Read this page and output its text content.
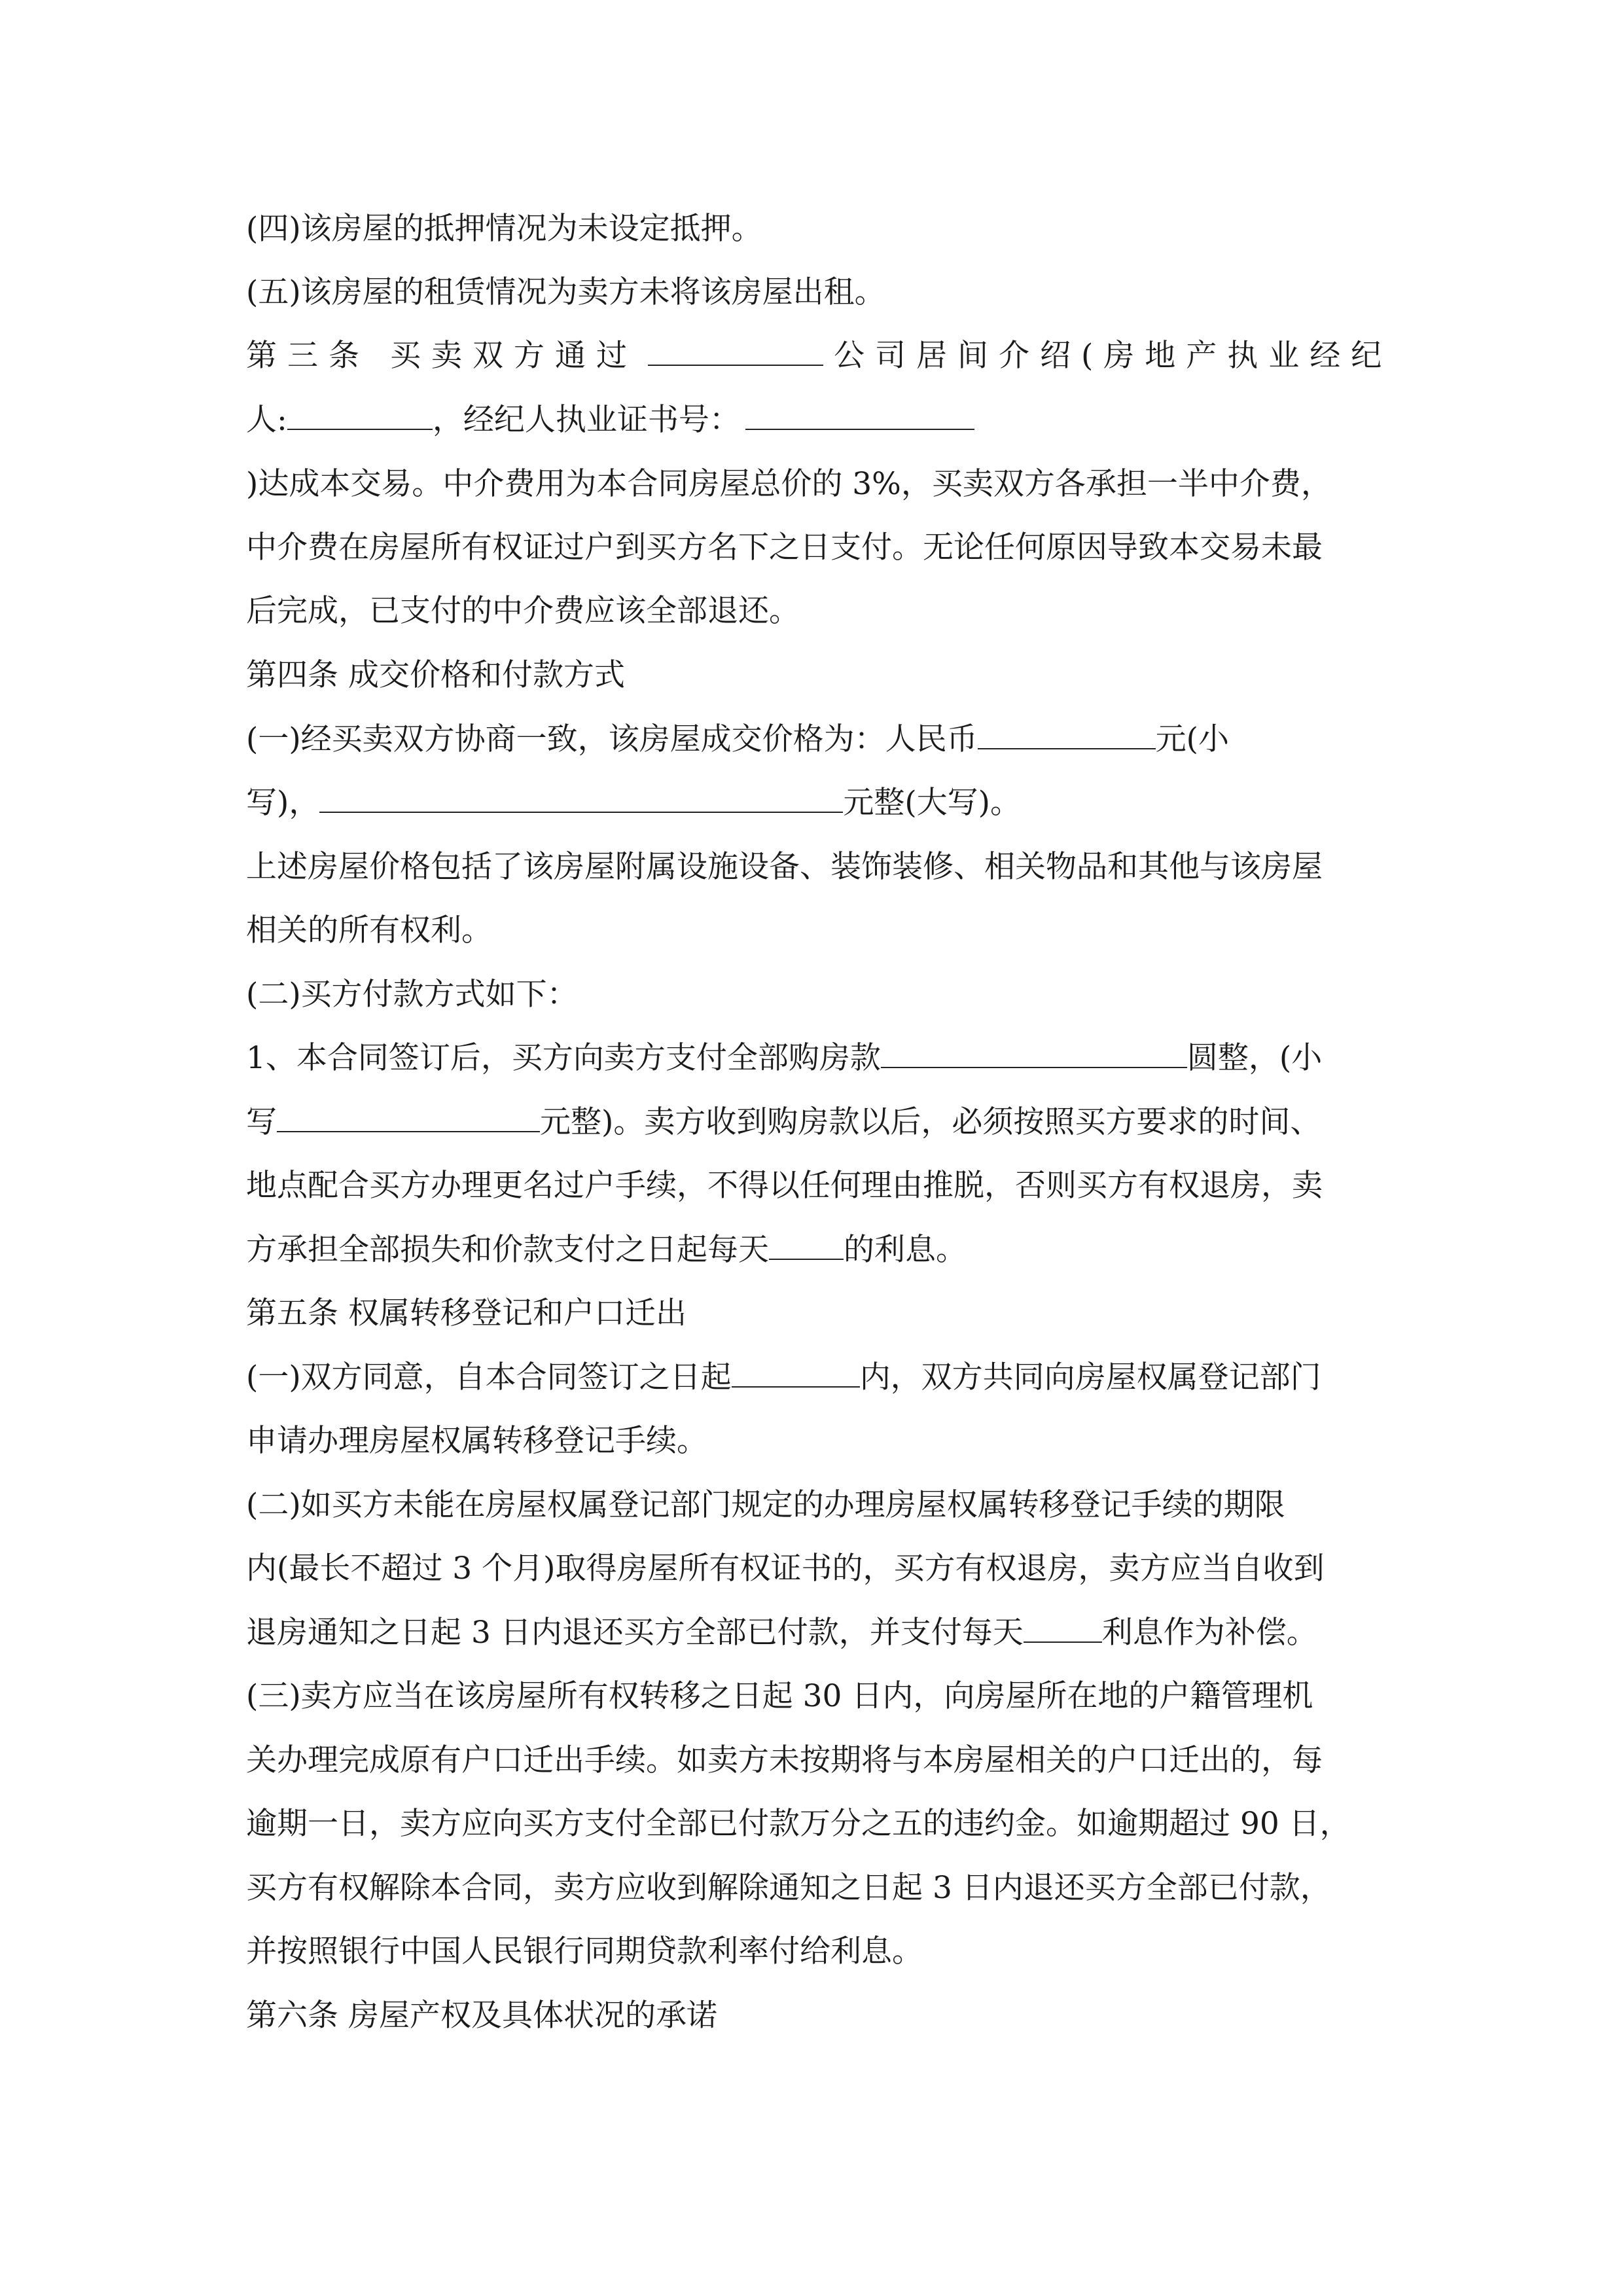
(四)该房屋的抵押情况为未设定抵押。
(五)该房屋的租赁情况为卖方未将该房屋出租。
第三条 买卖双方通过	公司居间介绍(房地产执业经纪
人:	，经纪人执业证书号：
)达成本交易。中介费用为本合同房屋总价的 3%，买卖双方各承担一半中介费，
中介费在房屋所有权证过户到买方名下之日支付。无论任何原因导致本交易未最
后完成，已支付的中介费应该全部退还。
第四条 成交价格和付款方式
(一)经买卖双方协商一致，该房屋成交价格为：人民币	元(小
写)，	元整(大写)。
上述房屋价格包括了该房屋附属设施设备、装饰装修、相关物品和其他与该房屋
相关的所有权利。
(二)买方付款方式如下：
1、本合同签订后，买方向卖方支付全部购房款	圆整，(小
写	元整)。卖方收到购房款以后，必须按照买方要求的时间、
地点配合买方办理更名过户手续，不得以任何理由推脱，否则买方有权退房，卖
方承担全部损失和价款支付之日起每天 的利息。
第五条 权属转移登记和户口迁出
(一)双方同意，自本合同签订之日起	内，双方共同向房屋权属登记部门
申请办理房屋权属转移登记手续。
(二)如买方未能在房屋权属登记部门规定的办理房屋权属转移登记手续的期限
内(最长不超过 3 个月)取得房屋所有权证书的，买方有权退房，卖方应当自收到
退房通知之日起 3 日内退还买方全部已付款，并支付每天	利息作为补偿。
(三)卖方应当在该房屋所有权转移之日起 30 日内，向房屋所在地的户籍管理机
关办理完成原有户口迁出手续。如卖方未按期将与本房屋相关的户口迁出的，每
逾期一日，卖方应向买方支付全部已付款万分之五的违约金。如逾期超过 90 日，
买方有权解除本合同，卖方应收到解除通知之日起 3 日内退还买方全部已付款，
并按照银行中国人民银行同期贷款利率付给利息。
第六条 房屋产权及具体状况的承诺
